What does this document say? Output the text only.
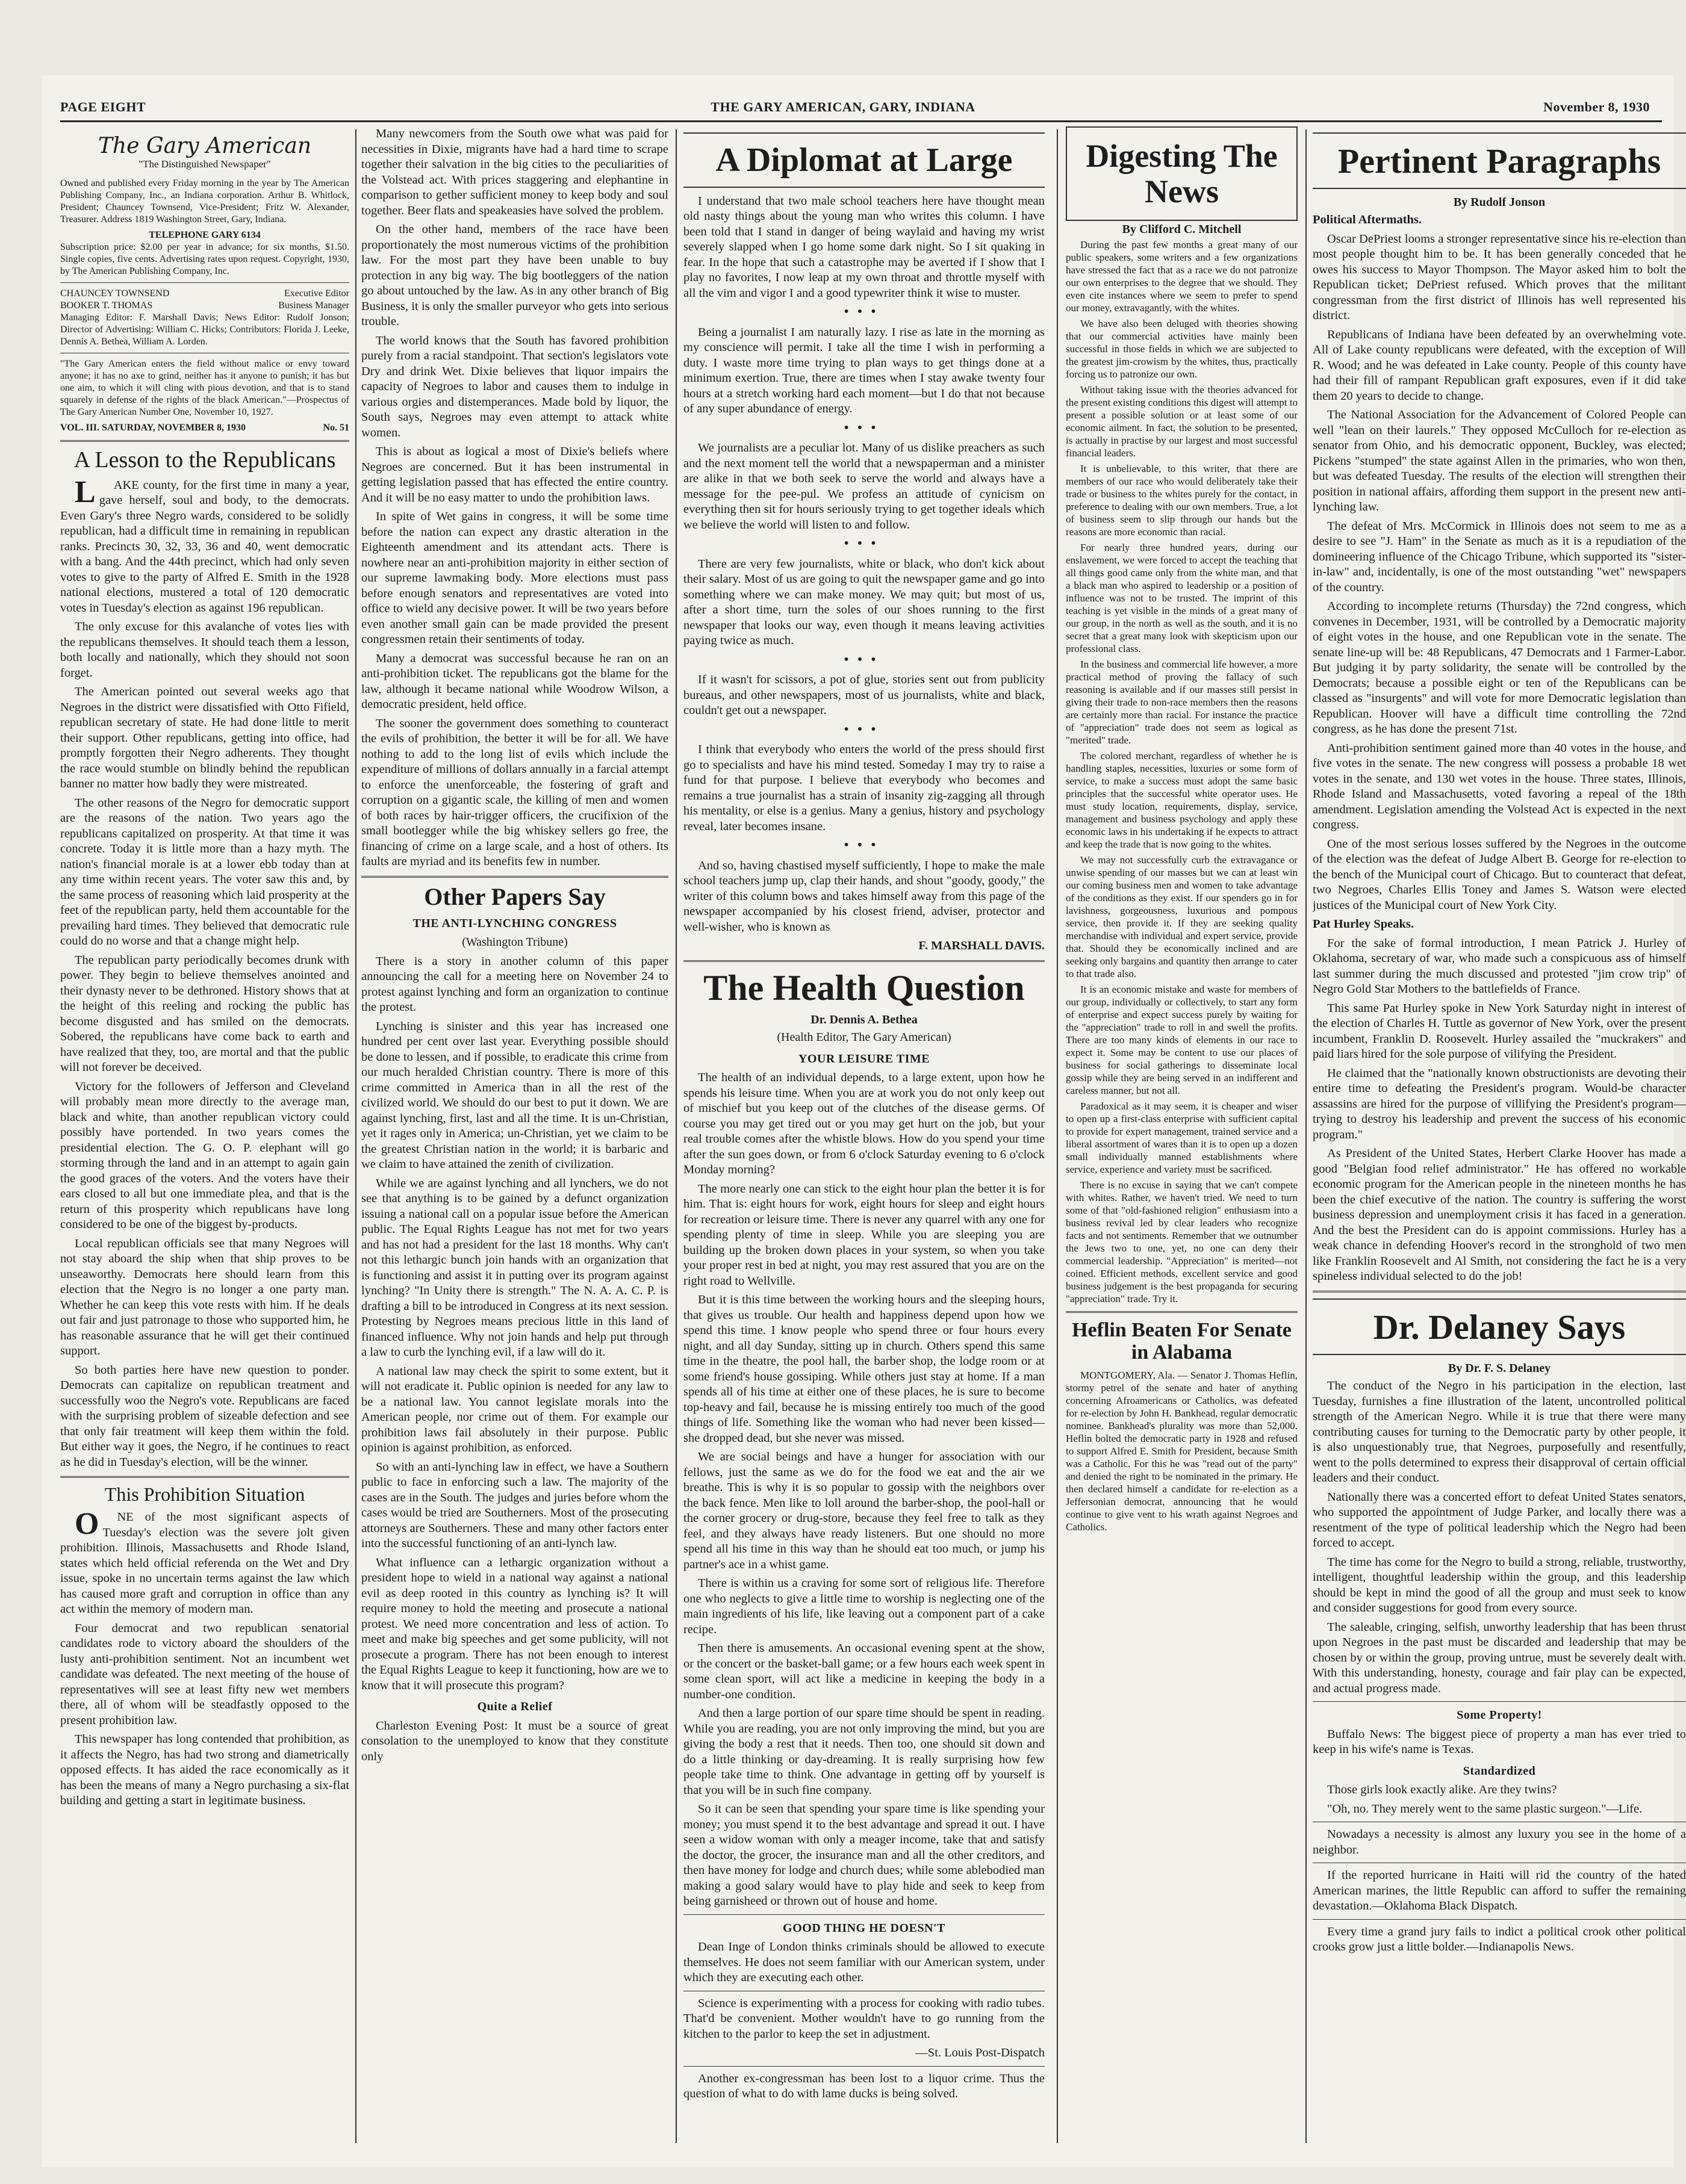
PAGE EIGHT	THE GARY AMERICAN, GARY, INDIANA	November 8, 1930
The Gary American
"The Distinguished Newspaper"

Owned and published every Friday morning in the year by The American Publishing Company, Inc., an Indiana corporation. Arthur B. Whitlock, President; Chauncey Townsend, Vice-President; Fritz W. Alexander, Treasurer. Address 1819 Washington Street, Gary, Indiana.

TELEPHONE GARY 6134

Subscription price: $2.00 per year in advance; for six months, $1.50. Single copies, five cents. Advertising rates upon request. Copyright, 1930, by The American Publishing Company, Inc.

CHAUNCEY TOWNSEND	Executive Editor
BOOKER T. THOMAS	Business Manager

Managing Editor: F. Marshall Davis; News Editor: Rudolf Jonson; Director of Advertising: William C. Hicks; Contributors: Florida J. Leeke, Dennis A. Bethea, William A. Lorden.

"The Gary American enters the field without malice or envy toward anyone; it has no axe to grind, neither has it anyone to punish; it has but one aim, to which it will cling with pious devotion, and that is to stand squarely in defense of the rights of the black American."—Prospectus of The Gary American Number One, November 10, 1927.

VOL. III. SATURDAY, NOVEMBER 8, 1930	No. 51
A Lesson to the Republicans

LAKE county, for the first time in many a year, gave herself, soul and body, to the democrats. Even Gary's three Negro wards, considered to be solidly republican, had a difficult time in remaining in republican ranks. Precincts 30, 32, 33, 36 and 40, went democratic with a bang. And the 44th precinct, which had only seven votes to give to the party of Alfred E. Smith in the 1928 national elections, mustered a total of 120 democratic votes in Tuesday's election as against 196 republican.

The only excuse for this avalanche of votes lies with the republicans themselves. It should teach them a lesson, both locally and nationally, which they should not soon forget.

The American pointed out several weeks ago that Negroes in the district were dissatisfied with Otto Fifield, republican secretary of state. He had done little to merit their support. Other republicans, getting into office, had promptly forgotten their Negro adherents. They thought the race would stumble on blindly behind the republican banner no matter how badly they were mistreated.

The other reasons of the Negro for democratic support are the reasons of the nation. Two years ago the republicans capitalized on prosperity. At that time it was concrete. Today it is little more than a hazy myth. The nation's financial morale is at a lower ebb today than at any time within recent years. The voter saw this and, by the same process of reasoning which laid prosperity at the feet of the republican party, held them accountable for the prevailing hard times. They believed that democratic rule could do no worse and that a change might help.

The republican party periodically becomes drunk with power. They begin to believe themselves anointed and their dynasty never to be dethroned. History shows that at the height of this reeling and rocking the public has become disgusted and has smiled on the democrats. Sobered, the republicans have come back to earth and have realized that they, too, are mortal and that the public will not forever be deceived.

Victory for the followers of Jefferson and Cleveland will probably mean more directly to the average man, black and white, than another republican victory could possibly have portended. In two years comes the presidential election. The G. O. P. elephant will go storming through the land and in an attempt to again gain the good graces of the voters. And the voters have their ears closed to all but one immediate plea, and that is the return of this prosperity which republicans have long considered to be one of the biggest by-products.

Local republican officials see that many Negroes will not stay aboard the ship when that ship proves to be unseaworthy. Democrats here should learn from this election that the Negro is no longer a one party man. Whether he can keep this vote rests with him. If he deals out fair and just patronage to those who supported him, he has reasonable assurance that he will get their continued support.

So both parties here have new question to ponder. Democrats can capitalize on republican treatment and successfully woo the Negro's vote. Republicans are faced with the surprising problem of sizeable defection and see that only fair treatment will keep them within the fold. But either way it goes, the Negro, if he continues to react as he did in Tuesday's election, will be the winner.

This Prohibition Situation

ONE of the most significant aspects of Tuesday's election was the severe jolt given prohibition. Illinois, Massachusetts and Rhode Island, states which held official referenda on the Wet and Dry issue, spoke in no uncertain terms against the law which has caused more graft and corruption in office than any act within the memory of modern man.

Four democrat and two republican senatorial candidates rode to victory aboard the shoulders of the lusty anti-prohibition sentiment. Not an incumbent wet candidate was defeated. The next meeting of the house of representatives will see at least fifty new wet members there, all of whom will be steadfastly opposed to the present prohibition law.

This newspaper has long contended that prohibition, as it affects the Negro, has had two strong and diametrically opposed effects. It has aided the race economically as it has been the means of many a Negro purchasing a six-flat building and getting a start in legitimate business.

Many newcomers from the South owe what was paid for necessities in Dixie, migrants have had a hard time to scrape together their salvation in the big cities to the peculiarities of the Volstead act. With prices staggering and elephantine in comparison to gether sufficient money to keep body and soul together. Beer flats and speakeasies have solved the problem.

On the other hand, members of the race have been proportionately the most numerous victims of the prohibition law. For the most part they have been unable to buy protection in any big way. The big bootleggers of the nation go about untouched by the law. As in any other branch of Big Business, it is only the smaller purveyor who gets into serious trouble.

The world knows that the South has favored prohibition purely from a racial standpoint. That section's legislators vote Dry and drink Wet. Dixie believes that liquor impairs the capacity of Negroes to labor and causes them to indulge in various orgies and distemperances. Made bold by liquor, the South says, Negroes may even attempt to attack white women.

This is about as logical a most of Dixie's beliefs where Negroes are concerned. But it has been instrumental in getting legislation passed that has effected the entire country. And it will be no easy matter to undo the prohibition laws.

In spite of Wet gains in congress, it will be some time before the nation can expect any drastic alteration in the Eighteenth amendment and its attendant acts. There is nowhere near an anti-prohibition majority in either section of our supreme lawmaking body. More elections must pass before enough senators and representatives are voted into office to wield any decisive power. It will be two years before even another small gain can be made provided the present congressmen retain their sentiments of today.

Many a democrat was successful because he ran on an anti-prohibition ticket. The republicans got the blame for the law, although it became national while Woodrow Wilson, a democratic president, held office.

The sooner the government does something to counteract the evils of prohibition, the better it will be for all. We have nothing to add to the long list of evils which include the expenditure of millions of dollars annually in a farcial attempt to enforce the unenforceable, the fostering of graft and corruption on a gigantic scale, the killing of men and women of both races by hair-trigger officers, the crucifixion of the small bootlegger while the big whiskey sellers go free, the financing of crime on a large scale, and a host of others. Its faults are myriad and its benefits few in number.

Other Papers Say
THE ANTI-LYNCHING CONGRESS
(Washington Tribune)

There is a story in another column of this paper announcing the call for a meeting here on November 24 to protest against lynching and form an organization to continue the protest.

Lynching is sinister and this year has increased one hundred per cent over last year. Everything possible should be done to lessen, and if possible, to eradicate this crime from our much heralded Christian country. There is more of this crime committed in America than in all the rest of the civilized world. We should do our best to put it down. We are against lynching, first, last and all the time. It is un-Christian, yet it rages only in America; un-Christian, yet we claim to be the greatest Christian nation in the world; it is barbaric and we claim to have attained the zenith of civilization.

While we are against lynching and all lynchers, we do not see that anything is to be gained by a defunct organization issuing a national call on a popular issue before the American public. The Equal Rights League has not met for two years and has not had a president for the last 18 months. Why can't not this lethargic bunch join hands with an organization that is functioning and assist it in putting over its program against lynching? "In Unity there is strength." The N. A. A. C. P. is drafting a bill to be introduced in Congress at its next session. Protesting by Negroes means precious little in this land of financed influence. Why not join hands and help put through a law to curb the lynching evil, if a law will do it.

A national law may check the spirit to some extent, but it will not eradicate it. Public opinion is needed for any law to be a national law. You cannot legislate morals into the American people, nor crime out of them. For example our prohibition laws fail absolutely in their purpose. Public opinion is against prohibition, as enforced.

So with an anti-lynching law in effect, we have a Southern public to face in enforcing such a law. The majority of the cases are in the South. The judges and juries before whom the cases would be tried are Southerners. Most of the prosecuting attorneys are Southerners. These and many other factors enter into the successful functioning of an anti-lynch law.

What influence can a lethargic organization without a president hope to wield in a national way against a national evil as deep rooted in this country as lynching is? It will require money to hold the meeting and prosecute a national protest. We need more concentration and less of action. To meet and make big speeches and get some publicity, will not prosecute a program. There has not been enough to interest the Equal Rights League to keep it functioning, how are we to know that it will prosecute this program?

Quite a Relief

Charleston Evening Post: It must be a source of great consolation to the unemployed to know that they constitute only

A Diplomat at Large

I understand that two male school teachers here have thought mean old nasty things about the young man who writes this column. I have been told that I stand in danger of being waylaid and having my wrist severely slapped when I go home some dark night. So I sit quaking in fear. In the hope that such a catastrophe may be averted if I show that I play no favorites, I now leap at my own throat and throttle myself with all the vim and vigor I and a good typewriter think it wise to muster.

•••

Being a journalist I am naturally lazy. I rise as late in the morning as my conscience will permit. I take all the time I wish in performing a duty. I waste more time trying to plan ways to get things done at a minimum exertion. True, there are times when I stay awake twenty four hours at a stretch working hard each moment—but I do that not because of any super abundance of energy.

•••

We journalists are a peculiar lot. Many of us dislike preachers as such and the next moment tell the world that a newspaperman and a minister are alike in that we both seek to serve the world and always have a message for the pee-pul. We profess an attitude of cynicism on everything then sit for hours seriously trying to get together ideals which we believe the world will listen to and follow.

•••

There are very few journalists, white or black, who don't kick about their salary. Most of us are going to quit the newspaper game and go into something where we can make money. We may quit; but most of us, after a short time, turn the soles of our shoes running to the first newspaper that looks our way, even though it means leaving activities paying twice as much.

•••

If it wasn't for scissors, a pot of glue, stories sent out from publicity bureaus, and other newspapers, most of us journalists, white and black, couldn't get out a newspaper.

•••

I think that everybody who enters the world of the press should first go to specialists and have his mind tested. Someday I may try to raise a fund for that purpose. I believe that everybody who becomes and remains a true journalist has a strain of insanity zig-zagging all through his mentality, or else is a genius. Many a genius, history and psychology reveal, later becomes insane.

•••

And so, having chastised myself sufficiently, I hope to make the male school teachers jump up, clap their hands, and shout "goody, goody," the writer of this column bows and takes himself away from this page of the newspaper accompanied by his closest friend, adviser, protector and well-wisher, who is known as

F. MARSHALL DAVIS.
The Health Question
Dr. Dennis A. Bethea
(Health Editor, The Gary American)
YOUR LEISURE TIME

The health of an individual depends, to a large extent, upon how he spends his leisure time. When you are at work you do not only keep out of mischief but you keep out of the clutches of the disease germs. Of course you may get tired out or you may get hurt on the job, but your real trouble comes after the whistle blows. How do you spend your time after the sun goes down, or from 6 o'clock Saturday evening to 6 o'clock Monday morning?

The more nearly one can stick to the eight hour plan the better it is for him. That is: eight hours for work, eight hours for sleep and eight hours for recreation or leisure time. There is never any quarrel with any one for spending plenty of time in sleep. While you are sleeping you are building up the broken down places in your system, so when you take your proper rest in bed at night, you may rest assured that you are on the right road to Wellville.

But it is this time between the working hours and the sleeping hours, that gives us trouble. Our health and happiness depend upon how we spend this time. I know people who spend three or four hours every night, and all day Sunday, sitting up in church. Others spend this same time in the theatre, the pool hall, the barber shop, the lodge room or at some friend's house gossiping. While others just stay at home. If a man spends all of his time at either one of these places, he is sure to become top-heavy and fail, because he is missing entirely too much of the good things of life. Something like the woman who had never been kissed—she dropped dead, but she never was missed.

We are social beings and have a hunger for association with our fellows, just the same as we do for the food we eat and the air we breathe. This is why it is so popular to gossip with the neighbors over the back fence. Men like to loll around the barber-shop, the pool-hall or the corner grocery or drug-store, because they feel free to talk as they feel, and they always have ready listeners. But one should no more spend all his time in this way than he should eat too much, or jump his partner's ace in a whist game.

There is within us a craving for some sort of religious life. Therefore one who neglects to give a little time to worship is neglecting one of the main ingredients of his life, like leaving out a component part of a cake recipe.

Then there is amusements. An occasional evening spent at the show, or the concert or the basket-ball game; or a few hours each week spent in some clean sport, will act like a medicine in keeping the body in a number-one condition.

And then a large portion of our spare time should be spent in reading. While you are reading, you are not only improving the mind, but you are giving the body a rest that it needs. Then too, one should sit down and do a little thinking or day-dreaming. It is really surprising how few people take time to think. One advantage in getting off by yourself is that you will be in such fine company.

So it can be seen that spending your spare time is like spending your money; you must spend it to the best advantage and spread it out. I have seen a widow woman with only a meager income, take that and satisfy the doctor, the grocer, the insurance man and all the other creditors, and then have money for lodge and church dues; while some ablebodied man making a good salary would have to play hide and seek to keep from being garnisheed or thrown out of house and home.

GOOD THING HE DOESN'T

Dean Inge of London thinks criminals should be allowed to execute themselves. He does not seem familiar with our American system, under which they are executing each other.

Science is experimenting with a process for cooking with radio tubes. That'd be convenient. Mother wouldn't have to go running from the kitchen to the parlor to keep the set in adjustment.

—St. Louis Post-Dispatch

Another ex-congressman has been lost to a liquor crime. Thus the question of what to do with lame ducks is being solved.

Digesting The News
By Clifford C. Mitchell

During the past few months a great many of our public speakers, some writers and a few organizations have stressed the fact that as a race we do not patronize our own enterprises to the degree that we should. They even cite instances where we seem to prefer to spend our money, extravagantly, with the whites.

We have also been deluged with theories showing that our commercial activities have mainly been successful in those fields in which we are subjected to the greatest jim-crowism by the whites, thus, practically forcing us to patronize our own.

Without taking issue with the theories advanced for the present existing conditions this digest will attempt to present a possible solution or at least some of our economic ailment. In fact, the solution to be presented, is actually in practise by our largest and most successful financial leaders.

It is unbelievable, to this writer, that there are members of our race who would deliberately take their trade or business to the whites purely for the contact, in preference to dealing with our own members. True, a lot of business seem to slip through our hands but the reasons are more economic than racial.

For nearly three hundred years, during our enslavement, we were forced to accept the teaching that all things good came only from the white man, and that a black man who aspired to leadership or a position of influence was not to be trusted. The imprint of this teaching is yet visible in the minds of a great many of our group, in the north as well as the south, and it is no secret that a great many look with skepticism upon our professional class.

In the business and commercial life however, a more practical method of proving the fallacy of such reasoning is available and if our masses still persist in giving their trade to non-race members then the reasons are certainly more than racial. For instance the practice of "appreciation" trade does not seem as logical as "merited" trade.

The colored merchant, regardless of whether he is handling staples, necessities, luxuries or some form of service, to make a success must adopt the same basic principles that the successful white operator uses. He must study location, requirements, display, service, management and business psychology and apply these economic laws in his undertaking if he expects to attract and keep the trade that is now going to the whites.

We may not successfully curb the extravagance or unwise spending of our masses but we can at least win our coming business men and women to take advantage of the conditions as they exist. If our spenders go in for lavishness, gorgeousness, luxurious and pompous service, then provide it. If they are seeking quality merchandise with individual and expert service, provide that. Should they be economically inclined and are seeking only bargains and quantity then arrange to cater to that trade also.

It is an economic mistake and waste for members of our group, individually or collectively, to start any form of enterprise and expect success purely by waiting for the "appreciation" trade to roll in and swell the profits. There are too many kinds of elements in our race to expect it. Some may be content to use our places of business for social gatherings to disseminate local gossip while they are being served in an indifferent and careless manner, but not all.

Paradoxical as it may seem, it is cheaper and wiser to open up a first-class enterprise with sufficient capital to provide for expert management, trained service and a liberal assortment of wares than it is to open up a dozen small individually manned establishments where service, experience and variety must be sacrificed.

There is no excuse in saying that we can't compete with whites. Rather, we haven't tried. We need to turn some of that "old-fashioned religion" enthusiasm into a business revival led by clear leaders who recognize facts and not sentiments. Remember that we outnumber the Jews two to one, yet, no one can deny their commercial leadership. "Appreciation" is merited—not coined. Efficient methods, excellent service and good business judgement is the best propaganda for securing "appreciation" trade. Try it.

Heflin Beaten For Senate in Alabama

MONTGOMERY, Ala. — Senator J. Thomas Heflin, stormy petrel of the senate and hater of anything concerning Afroamericans or Catholics, was defeated for re-election by John H. Bankhead, regular democratic nominee. Bankhead's plurality was more than 52,000. Heflin bolted the democratic party in 1928 and refused to support Alfred E. Smith for President, because Smith was a Catholic. For this he was "read out of the party" and denied the right to be nominated in the primary. He then declared himself a candidate for re-election as a Jeffersonian democrat, announcing that he would continue to give vent to his wrath against Negroes and Catholics.

Pertinent Paragraphs
By Rudolf Jonson

Political Aftermaths.

Oscar DePriest looms a stronger representative since his re-election than most people thought him to be. It has been generally conceded that he owes his success to Mayor Thompson. The Mayor asked him to bolt the Republican ticket; DePriest refused. Which proves that the militant congressman from the first district of Illinois has well represented his district.

Republicans of Indiana have been defeated by an overwhelming vote. All of Lake county republicans were defeated, with the exception of Will R. Wood; and he was defeated in Lake county. People of this county have had their fill of rampant Republican graft exposures, even if it did take them 20 years to decide to change.

The National Association for the Advancement of Colored People can well "lean on their laurels." They opposed McCulloch for re-election as senator from Ohio, and his democratic opponent, Buckley, was elected; Pickens "stumped" the state against Allen in the primaries, who won then, but was defeated Tuesday. The results of the election will strengthen their position in national affairs, affording them support in the present new anti-lynching law.

The defeat of Mrs. McCormick in Illinois does not seem to me as a desire to see "J. Ham" in the Senate as much as it is a repudiation of the domineering influence of the Chicago Tribune, which supported its "sister-in-law" and, incidentally, is one of the most outstanding "wet" newspapers of the country.

According to incomplete returns (Thursday) the 72nd congress, which convenes in December, 1931, will be controlled by a Democratic majority of eight votes in the house, and one Republican vote in the senate. The senate line-up will be: 48 Republicans, 47 Democrats and 1 Farmer-Labor. But judging it by party solidarity, the senate will be controlled by the Democrats; because a possible eight or ten of the Republicans can be classed as "insurgents" and will vote for more Democratic legislation than Republican. Hoover will have a difficult time controlling the 72nd congress, as he has done the present 71st.

Anti-prohibition sentiment gained more than 40 votes in the house, and five votes in the senate. The new congress will possess a probable 18 wet votes in the senate, and 130 wet votes in the house. Three states, Illinois, Rhode Island and Massachusetts, voted favoring a repeal of the 18th amendment. Legislation amending the Volstead Act is expected in the next congress.

One of the most serious losses suffered by the Negroes in the outcome of the election was the defeat of Judge Albert B. George for re-election to the bench of the Municipal court of Chicago. But to counteract that defeat, two Negroes, Charles Ellis Toney and James S. Watson were elected justices of the Municipal court of New York City.

Pat Hurley Speaks.

For the sake of formal introduction, I mean Patrick J. Hurley of Oklahoma, secretary of war, who made such a conspicuous ass of himself last summer during the much discussed and protested "jim crow trip" of Negro Gold Star Mothers to the battlefields of France.

This same Pat Hurley spoke in New York Saturday night in interest of the election of Charles H. Tuttle as governor of New York, over the present incumbent, Franklin D. Roosevelt. Hurley assailed the "muckrakers" and paid liars hired for the sole purpose of vilifying the President.

He claimed that the "nationally known obstructionists are devoting their entire time to defeating the President's program. Would-be character assassins are hired for the purpose of villifying the President's program—trying to destroy his leadership and prevent the success of his economic program."

As President of the United States, Herbert Clarke Hoover has made a good "Belgian food relief administrator." He has offered no workable economic program for the American people in the nineteen months he has been the chief executive of the nation. The country is suffering the worst business depression and unemployment crisis it has faced in a generation. And the best the President can do is appoint commissions. Hurley has a weak chance in defending Hoover's record in the stronghold of two men like Franklin Roosevelt and Al Smith, not considering the fact he is a very spineless individual selected to do the job!

Dr. Delaney Says
By Dr. F. S. Delaney

The conduct of the Negro in his participation in the election, last Tuesday, furnishes a fine illustration of the latent, uncontrolled political strength of the American Negro. While it is true that there were many contributing causes for turning to the Democratic party by other people, it is also unquestionably true, that Negroes, purposefully and resentfully, went to the polls determined to express their disapproval of certain official leaders and their conduct.

Nationally there was a concerted effort to defeat United States senators, who supported the appointment of Judge Parker, and locally there was a resentment of the type of political leadership which the Negro had been forced to accept.

The time has come for the Negro to build a strong, reliable, trustworthy, intelligent, thoughtful leadership within the group, and this leadership should be kept in mind the good of all the group and must seek to know and consider suggestions for good from every source.

The saleable, cringing, selfish, unworthy leadership that has been thrust upon Negroes in the past must be discarded and leadership that may be chosen by or within the group, proving untrue, must be severely dealt with. With this understanding, honesty, courage and fair play can be expected, and actual progress made.

Some Property!

Buffalo News: The biggest piece of property a man has ever tried to keep in his wife's name is Texas.

Standardized

Those girls look exactly alike. Are they twins?

"Oh, no. They merely went to the same plastic surgeon."—Life.

Nowadays a necessity is almost any luxury you see in the home of a neighbor.

If the reported hurricane in Haiti will rid the country of the hated American marines, the little Republic can afford to suffer the remaining devastation.—Oklahoma Black Dispatch.

Every time a grand jury fails to indict a political crook other political crooks grow just a little bolder.—Indianapolis News.
